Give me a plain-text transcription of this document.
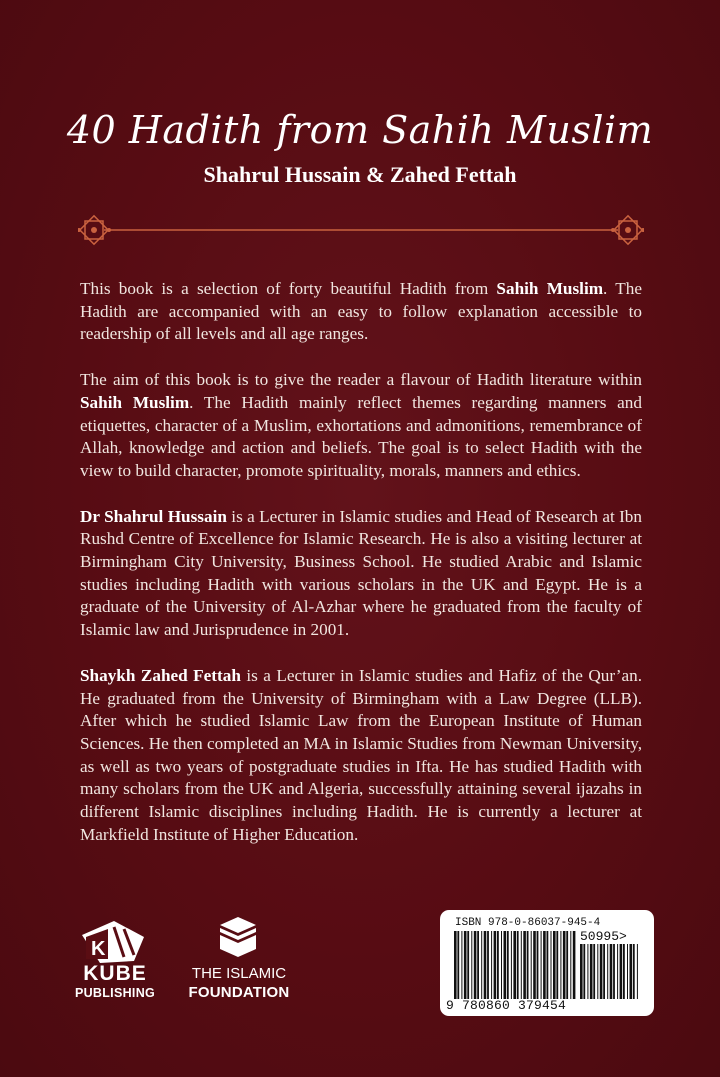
40 Hadith from Sahih Muslim
Shahrul Hussain & Zahed Fettah

This book is a selection of forty beautiful Hadith from Sahih Muslim. The Hadith are accompanied with an easy to follow explanation accessible to readership of all levels and all age ranges.

The aim of this book is to give the reader a flavour of Hadith literature within Sahih Muslim. The Hadith mainly reflect themes regarding manners and etiquettes, character of a Muslim, exhortations and admonitions, remembrance of Allah, knowledge and action and beliefs. The goal is to select Hadith with the view to build character, promote spirituality, morals, manners and ethics.

Dr Shahrul Hussain is a Lecturer in Islamic studies and Head of Research at Ibn Rushd Centre of Excellence for Islamic Research. He is also a visiting lecturer at Birmingham City University, Business School. He studied Arabic and Islamic studies including Hadith with various scholars in the UK and Egypt. He is a graduate of the University of Al-Azhar where he graduated from the faculty of Islamic law and Jurisprudence in 2001.

Shaykh Zahed Fettah is a Lecturer in Islamic studies and Hafiz of the Qur’an. He graduated from the University of Birmingham with a Law Degree (LLB). After which he studied Islamic Law from the European Institute of Human Sciences. He then completed an MA in Islamic Studies from Newman University, as well as two years of postgraduate studies in Ifta. He has studied Hadith with many scholars from the UK and Algeria, successfully attaining several ijazahs in different Islamic disciplines including Hadith. He is currently a lecturer at Markfield Institute of Higher Education.

K
KUBE
PUBLISHING
THE ISLAMIC
FOUNDATION
ISBN 978-0-86037-945-4
50995>
9 780860 379454
